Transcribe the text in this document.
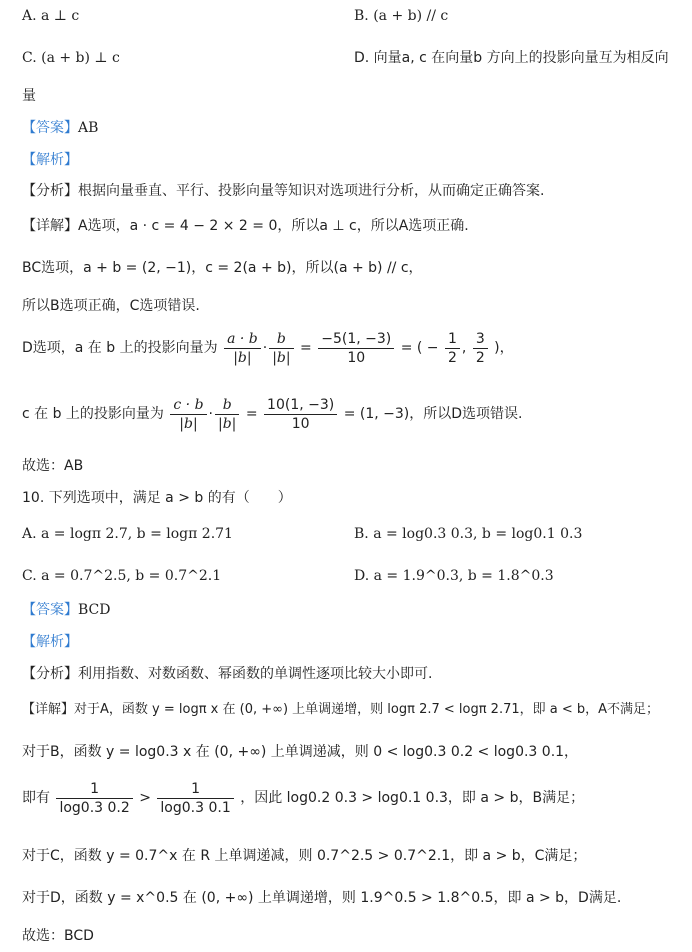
A. a ⊥ c	B. (a + b) // c
C. (a + b) ⊥ c	D. 向量a, c 在向量b 方向上的投影向量互为相反向
量
【答案】AB
【解析】
【分析】根据向量垂直、平行、投影向量等知识对选项进行分析，从而确定正确答案.
【详解】A选项，a · c = 4 − 2 × 2 = 0，所以a ⊥ c，所以A选项正确.
BC选项，a + b = (2, −1)，c = 2(a + b)，所以(a + b) // c，
所以B选项正确，C选项错误.
D选项，a 在 b 上的投影向量为 $\frac{a \cdot b}{|b|} \cdot \frac{b}{|b|} = \frac{-5(1, -3)}{10}$ = ( − $\frac{1}{2}$ , $\frac{3}{2}$ )，
c 在 b 上的投影向量为 $\frac{c \cdot b}{|b|} \cdot \frac{b}{|b|} = \frac{10(1, -3)}{10} = (1$, −3)，所以D选项错误.
故选：AB
10. 下列选项中，满足 a > b 的有（　　）
A. a = logπ 2.7, b = logπ 2.71	B. a = log0.3 0.3, b = log0.1 0.3
C. a = 0.7^2.5, b = 0.7^2.1	D. a = 1.9^0.3, b = 1.8^0.3
【答案】BCD
【解析】
【分析】利用指数、对数函数、幂函数的单调性逐项比较大小即可.
【详解】对于A，函数 y = logπ x 在 (0, +∞) 上单调递增，则 logπ 2.7 < logπ 2.71，即 a < b，A不满足；
对于B，函数 y = log0.3 x 在 (0, +∞) 上单调递减，则 0 < log0.3 0.2 < log0.3 0.1，
即有 $\frac{1}{\log 0.3 0.2} > \frac{1}{\log 0.3 0.1}$ ，因此 log0.2 0.3 > log0.1 0.3，即 a > b，B满足；
对于C，函数 y = 0.7^x 在 R 上单调递减，则 0.7^2.5 > 0.7^2.1，即 a > b，C满足；
对于D，函数 y = x^0.5 在 (0, +∞) 上单调递增，则 1.9^0.5 > 1.8^0.5，即 a > b，D满足.
故选：BCD
